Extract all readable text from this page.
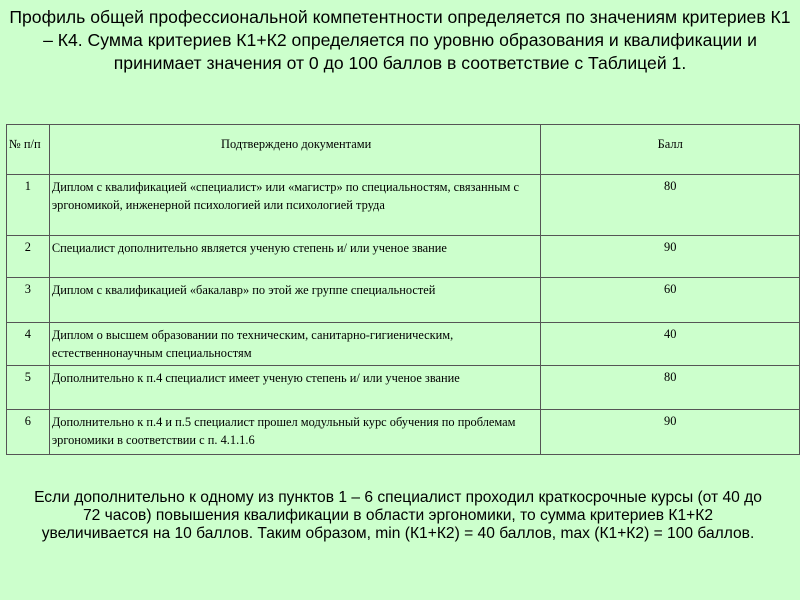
Профиль общей профессиональной компетентности определяется по значениям критериев К1 – К4. Сумма критериев К1+К2 определяется по уровню образования и квалификации и принимает значения от 0 до 100 баллов в соответствие с Таблицей 1.

№ п/п	Подтверждено документами	Балл
1	Диплом с квалификацией «специалист» или «магистр» по специальностям, связанным с эргономикой, инженерной психологией или психологией труда	80
2	Специалист дополнительно является ученую степень и/ или ученое звание	90
3	Диплом с квалификацией «бакалавр» по этой же группе специальностей	60
4	Диплом о высшем образовании по техническим, санитарно-гигиеническим, естественнонаучным специальностям	40
5	Дополнительно к п.4 специалист имеет ученую степень и/ или ученое звание	80
6	Дополнительно к п.4 и п.5 специалист прошел модульный курс обучения по проблемам эргономики в соответствии с п. 4.1.1.6	90

Если дополнительно к одному из пунктов 1 – 6 специалист проходил краткосрочные курсы (от 40 до 72 часов) повышения квалификации в области эргономики, то сумма критериев К1+К2 увеличивается на 10 баллов. Таким образом, min (К1+К2) = 40 баллов, max (К1+К2) = 100 баллов.
